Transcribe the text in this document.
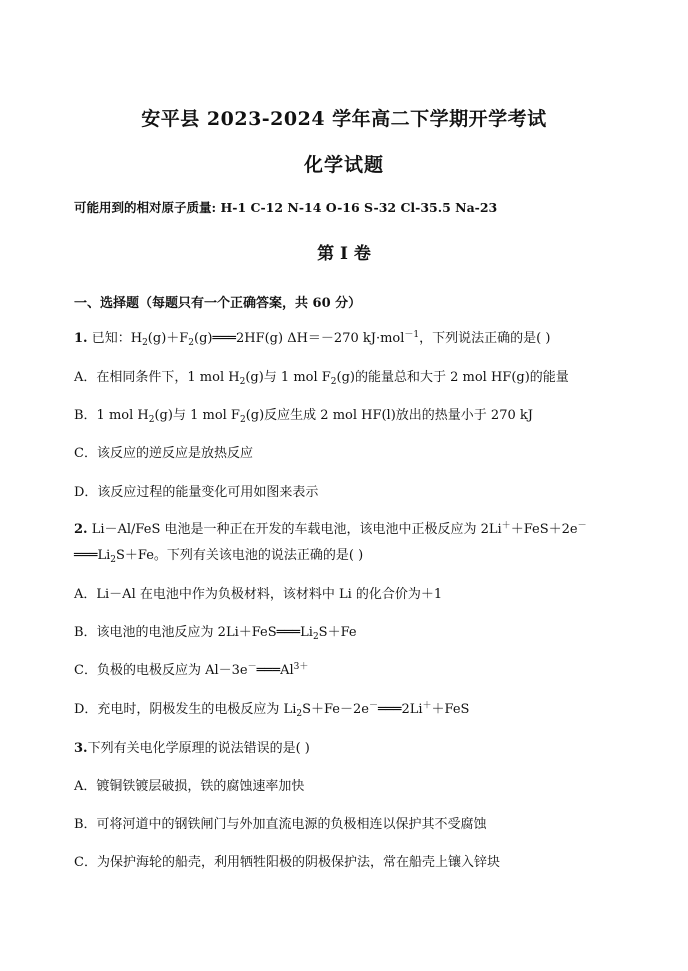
安平县 2023-2024 学年高二下学期开学考试
化学试题
可能用到的相对原子质量: H-1 C-12 N-14 O-16 S-32 Cl-35.5 Na-23
第 I 卷
一、选择题（每题只有一个正确答案，共 60 分）
1. 已知：$H_2(g)+F_2(g)═══2HF(g)$ ΔH＝－270 kJ·mol$^{-1}$，下列说法正确的是( )
A．在相同条件下，1 mol $H_2(g)$与 1 mol $F_2(g)$的能量总和大于 2 mol HF(g)的能量
B．1 mol $H_2(g)$与 1 mol $F_2(g)$反应生成 2 mol HF(l)放出的热量小于 270 kJ
C．该反应的逆反应是放热反应
D．该反应过程的能量变化可用如图来表示
2. Li－Al/FeS 电池是一种正在开发的车载电池，该电池中正极反应为 2Li＋＋FeS＋2e－
$═══Li_2S+Fe$。下列有关该电池的说法正确的是( )
A．Li－Al 在电池中作为负极材料，该材料中 Li 的化合价为＋1
B．该电池的电池反应为 $2Li+FeS═══Li_2S+Fe$
C．负极的电极反应为 $Al-3e^-═══Al^{3+}$
D．充电时，阴极发生的电极反应为 $Li_2S+Fe-2e^-═══2Li^++FeS$
3.下列有关电化学原理的说法错误的是( )
A．镀铜铁镀层破损，铁的腐蚀速率加快
B．可将河道中的钢铁闸门与外加直流电源的负极相连以保护其不受腐蚀
C．为保护海轮的船壳，利用牺牲阳极的阴极保护法，常在船壳上镶入锌块
